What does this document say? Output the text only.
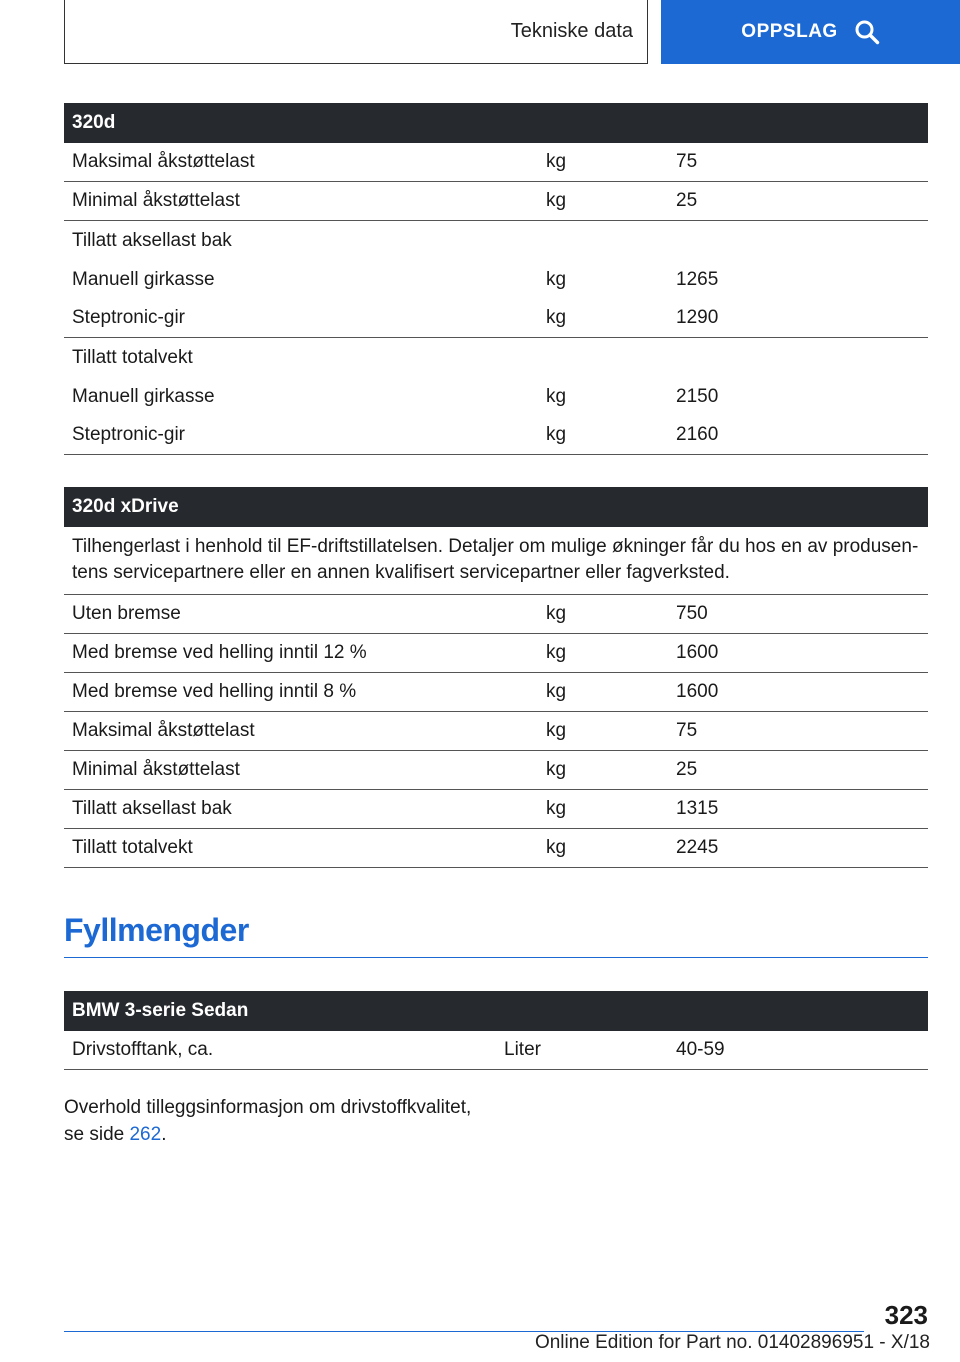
Tekniske data	OPPSLAG
320d
Maksimal åkstøttelast	kg	75
Minimal åkstøttelast	kg	25
Tillatt aksellast bak
Manuell girkasse	kg	1265
Steptronic-gir	kg	1290
Tillatt totalvekt
Manuell girkasse	kg	2150
Steptronic-gir	kg	2160
320d xDrive
Tilhengerlast i henhold til EF-driftstillatelsen. Detaljer om mulige økninger får du hos en av produsentens servicepartnere eller en annen kvalifisert servicepartner eller fagverksted.
Uten bremse	kg	750
Med bremse ved helling inntil 12 %	kg	1600
Med bremse ved helling inntil 8 %	kg	1600
Maksimal åkstøttelast	kg	75
Minimal åkstøttelast	kg	25
Tillatt aksellast bak	kg	1315
Tillatt totalvekt	kg	2245
Fyllmengder
BMW 3-serie Sedan
Drivstofftank, ca.	Liter	40-59
Overhold tilleggsinformasjon om drivstoffkvalitet,
se side 262.
323
Online Edition for Part no. 01402896951 - X/18
